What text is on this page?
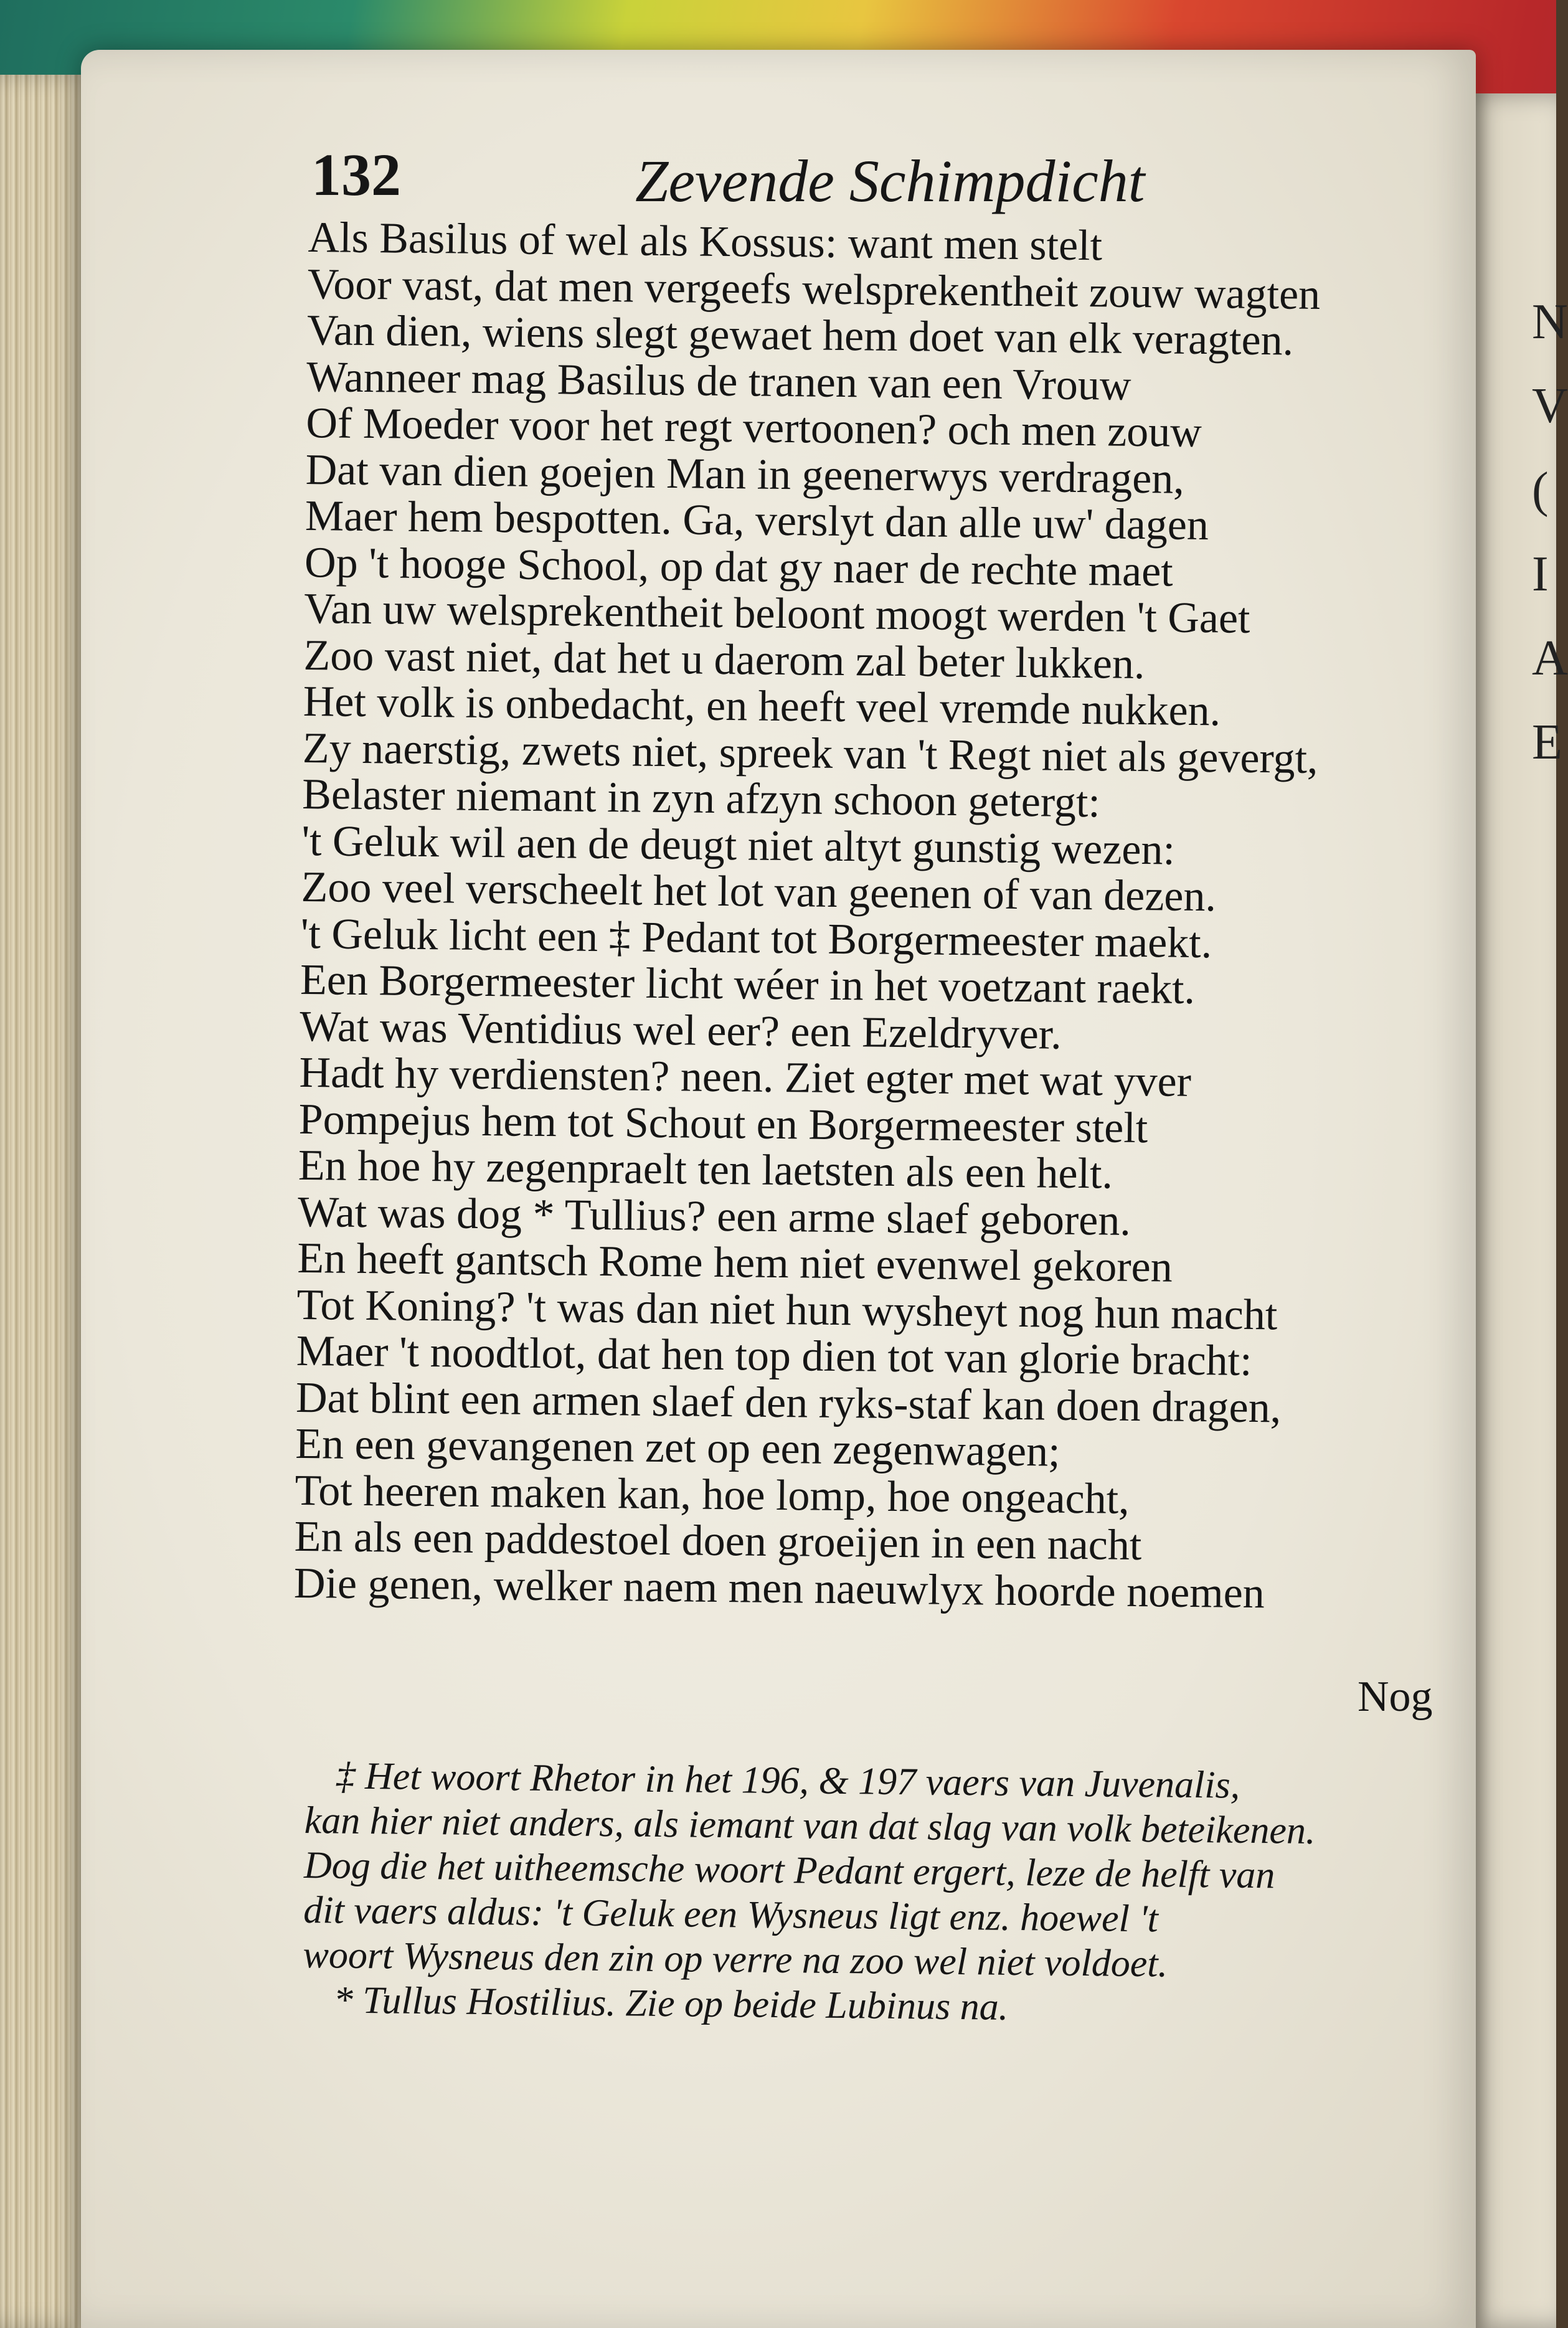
N
V
(
I
A
E
132	Zevende Schimpdicht
Als Basilus of wel als Kossus: want men stelt
Voor vast, dat men vergeefs welsprekentheit zouw wagten
Van dien, wiens slegt gewaet hem doet van elk veragten.
Wanneer mag Basilus de tranen van een Vrouw
Of Moeder voor het regt vertoonen? och men zouw
Dat van dien goejen Man in geenerwys verdragen,
Maer hem bespotten. Ga, verslyt dan alle uw' dagen
Op 't hooge School, op dat gy naer de rechte maet
Van uw welsprekentheit beloont moogt werden 't Gaet
Zoo vast niet, dat het u daerom zal beter lukken.
Het volk is onbedacht, en heeft veel vremde nukken.
Zy naerstig, zwets niet, spreek van 't Regt niet als gevergt,
Belaster niemant in zyn afzyn schoon getergt:
't Geluk wil aen de deugt niet altyt gunstig wezen:
Zoo veel verscheelt het lot van geenen of van dezen.
't Geluk licht een ‡ Pedant tot Borgermeester maekt.
Een Borgermeester licht wéer in het voetzant raekt.
Wat was Ventidius wel eer? een Ezeldryver.
Hadt hy verdiensten? neen. Ziet egter met wat yver
Pompejus hem tot Schout en Borgermeester stelt
En hoe hy zegenpraelt ten laetsten als een helt.
Wat was dog * Tullius? een arme slaef geboren.
En heeft gantsch Rome hem niet evenwel gekoren
Tot Koning? 't was dan niet hun wysheyt nog hun macht
Maer 't noodtlot, dat hen top dien tot van glorie bracht:
Dat blint een armen slaef den ryks-staf kan doen dragen,
En een gevangenen zet op een zegenwagen;
Tot heeren maken kan, hoe lomp, hoe ongeacht,
En als een paddestoel doen groeijen in een nacht
Die genen, welker naem men naeuwlyx hoorde noemen
Nog
‡ Het woort Rhetor in het 196, & 197 vaers van Juvenalis,
kan hier niet anders, als iemant van dat slag van volk beteikenen.
Dog die het uitheemsche woort Pedant ergert, leze de helft van
dit vaers aldus: 't Geluk een Wysneus ligt enz. hoewel 't
woort Wysneus den zin op verre na zoo wel niet voldoet.
* Tullus Hostilius. Zie op beide Lubinus na.
